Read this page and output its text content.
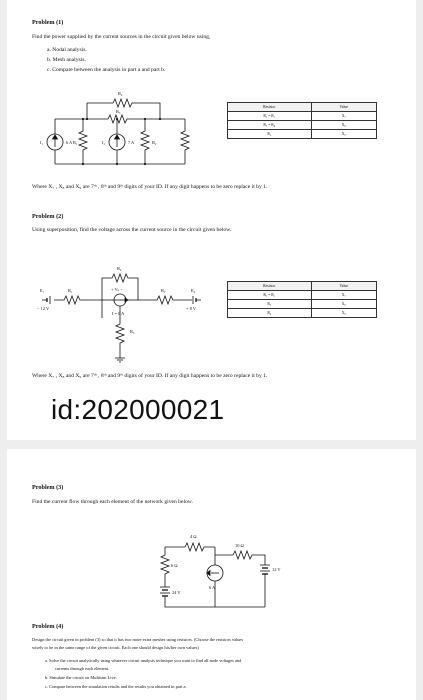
Problem (1)
Find the power supplied by the current sources in the circuit given below using,
a. Nodal analysis.
b. Mesh analysis.
c. Compare between the analysis in part a and part b.
R₄
R₃
I₁	6 A R₁	I₂	7 A	R₂
Resistor	Value
R₁ = R₂	X₇
R₃ = R₄	X₈
R₅	X₉
Where X₇ , X₈ and X₉ are 7ᵗʰ , 8ᵗʰ and 9ᵗʰ digits of your ID. If any digit happens to be zero replace it by 1.
Problem (2)
Using superposition, find the voltage across the current source in the circuit given below.
R₄
E₁
− 12 V
R₁	+ Vₛ −
I = 6 A
R₃
R₂	E₂
+ 8 V
Resistor	Value
R₁ = R₂	X₇
R₃	X₈
R₄	X₉
Where X₇ , X₈ and X₉ are 7ᵗʰ , 8ᵗʰ and 9ᵗʰ digits of your ID. If any digit happens to be zero replace it by 1.
id:202000021
Problem (3)
Find the current flow through each element of the network given below.
4 Ω
10 Ω
6 Ω
6 A
12 V
24 V
Problem (4)
Design the circuit given in problem (3) so that it has two more extra meshes using resistors. (Choose the resistors values
wisely to be in the same range of the given circuit. Each one should design his/her own values)
a. Solve the circuit analytically using whatever circuit analysis technique you want to find all node voltages and
currents through each element.
b. Simulate the circuit on Multisim Live.
c. Compare between the simulation results and the results you obtained in part a.
